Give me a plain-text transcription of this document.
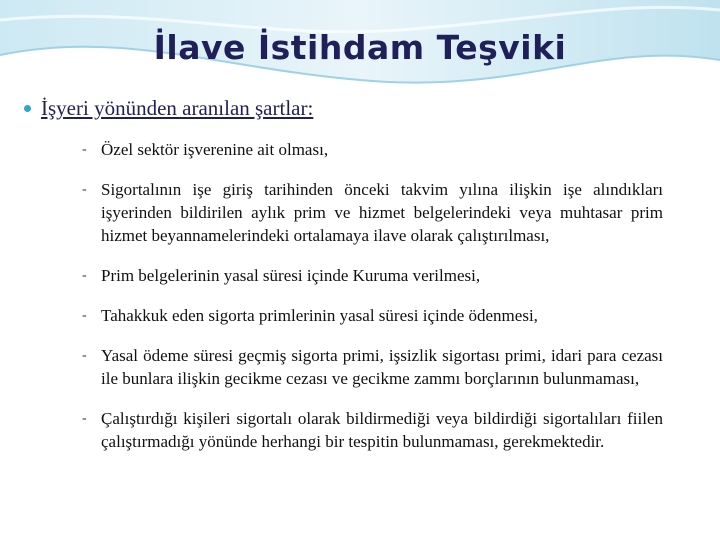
İlave İstihdam Teşviki
İşyeri yönünden aranılan şartlar:
- Özel sektör işverenine ait olması,
- Sigortalının işe giriş tarihinden önceki takvim yılına ilişkin işe alındıkları işyerinden bildirilen aylık prim ve hizmet belgelerindeki veya muhtasar prim hizmet beyannamelerindeki ortalamaya ilave olarak çalıştırılması,
- Prim belgelerinin yasal süresi içinde Kuruma verilmesi,
- Tahakkuk eden sigorta primlerinin yasal süresi içinde ödenmesi,
- Yasal ödeme süresi geçmiş sigorta primi, işsizlik sigortası primi, idari para cezası ile bunlara ilişkin gecikme cezası ve gecikme zammı borçlarının bulunmaması,
- Çalıştırdığı kişileri sigortalı olarak bildirmediği veya bildirdiği sigortalıları fiilen çalıştırmadığı yönünde herhangi bir tespitin bulunmaması, gerekmektedir.
